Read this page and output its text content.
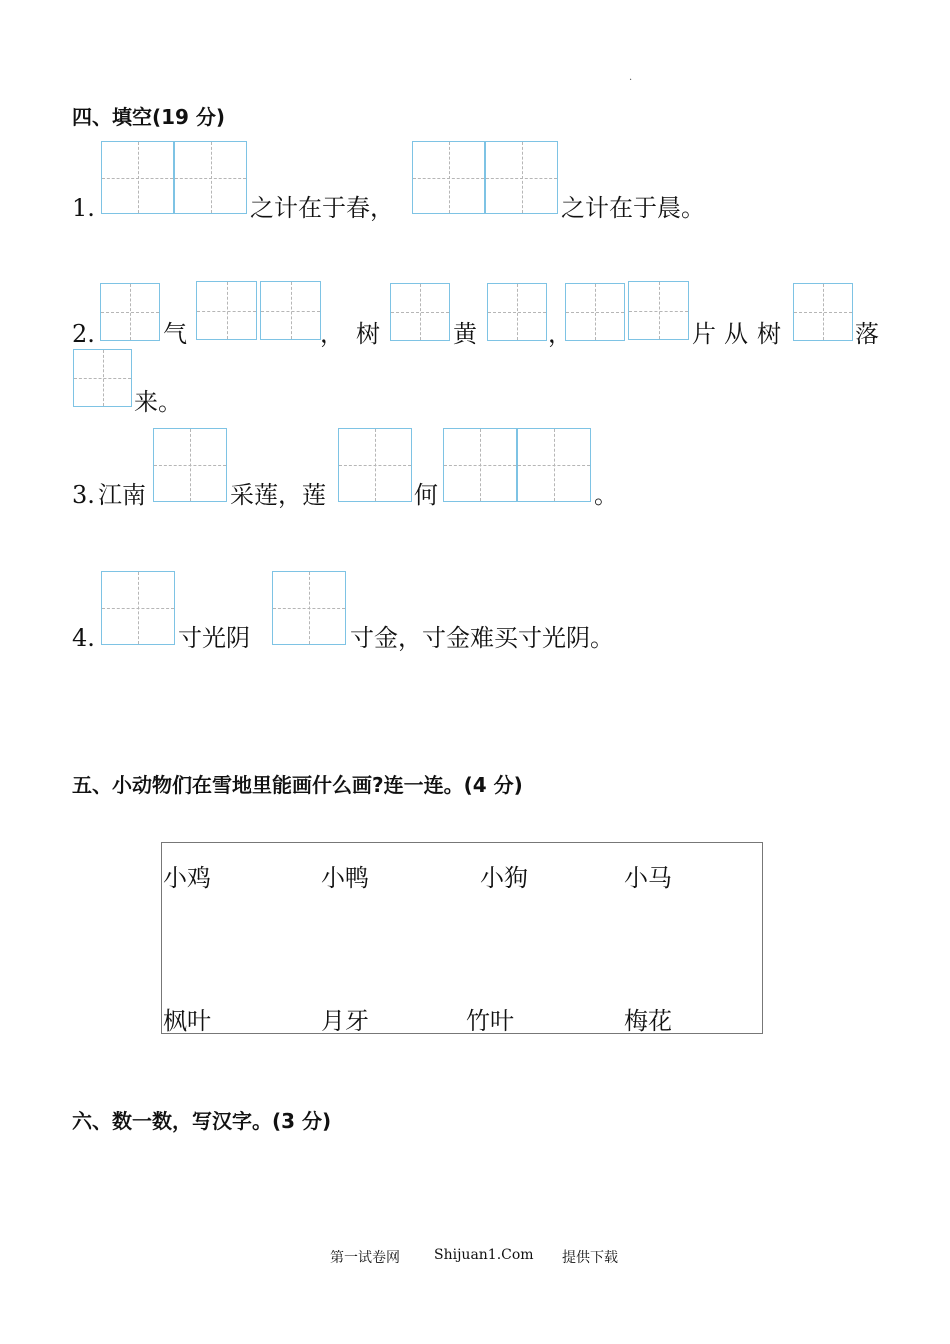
.
四、填空(19 分)
1.	之计在于春，	之计在于晨。
2.	气	， 树	黄	，	片 从 树	落
来。
3. 江南	采莲，莲	何	。
4.	寸光阴	寸金，寸金难买寸光阴。
五、小动物们在雪地里能画什么画?连一连。(4 分)
小鸡	小鸭	小狗	小马
枫叶	月牙	竹叶	梅花
六、数一数，写汉字。(3 分)
第一试卷网 Shijuan1.Com 提供下载
